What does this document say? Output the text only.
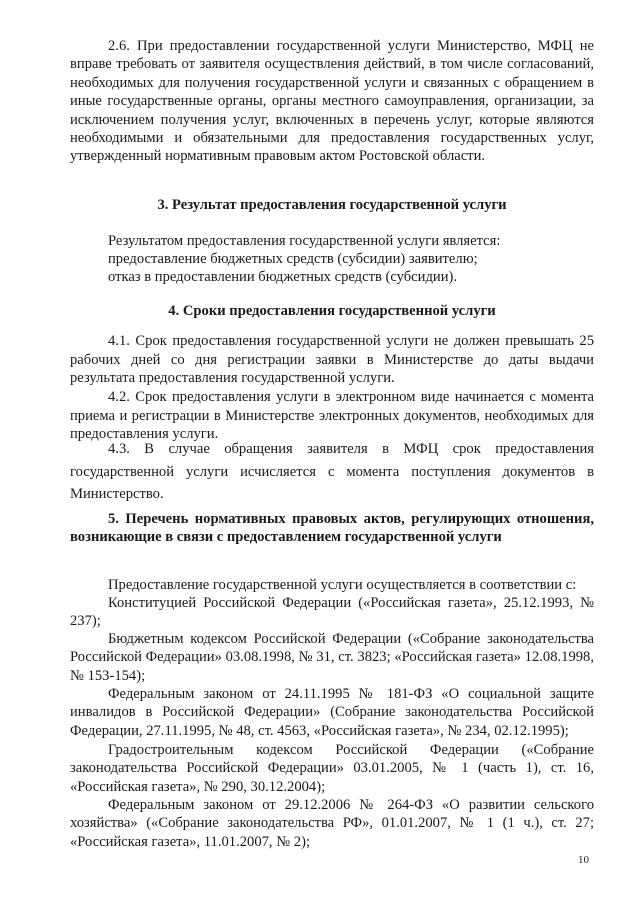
2.6. При предоставлении государственной услуги Министерство, МФЦ не вправе требовать от заявителя осуществления действий, в том числе согласований, необходимых для получения государственной услуги и связанных с обращением в иные государственные органы, органы местного самоуправления, организации, за исключением получения услуг, включенных в перечень услуг, которые являются необходимыми и обязательными для предоставления государственных услуг, утвержденный нормативным правовым актом Ростовской области.

3. Результат предоставления государственной услуги

Результатом предоставления государственной услуги является:

предоставление бюджетных средств (субсидии) заявителю;

отказ в предоставлении бюджетных средств (субсидии).

4. Сроки предоставления государственной услуги

4.1. Срок предоставления государственной услуги не должен превышать 25 рабочих дней со дня регистрации заявки в Министерстве до даты выдачи результата предоставления государственной услуги.

4.2. Срок предоставления услуги в электронном виде начинается с момента приема и регистрации в Министерстве электронных документов, необходимых для предоставления услуги.

4.3. В случае обращения заявителя в МФЦ срок предоставления государственной услуги исчисляется с момента поступления документов в Министерство.

5. Перечень нормативных правовых актов, регулирующих отношения, возникающие в связи с предоставлением государственной услуги

Предоставление государственной услуги осуществляется в соответствии с:

Конституцией Российской Федерации («Российская газета», 25.12.1993, № 237);

Бюджетным кодексом Российской Федерации («Собрание законодательства Российской Федерации» 03.08.1998, № 31, ст. 3823; «Российская газета» 12.08.1998, № 153-154);

Федеральным законом от 24.11.1995 № 181-ФЗ «О социальной защите инвалидов в Российской Федерации» (Собрание законодательства Российской Федерации, 27.11.1995, № 48, ст. 4563, «Российская газета», № 234, 02.12.1995);

Градостроительным кодексом Российской Федерации («Собрание законодательства Российской Федерации» 03.01.2005, № 1 (часть 1), ст. 16, «Российская газета», № 290, 30.12.2004);

Федеральным законом от 29.12.2006 № 264-ФЗ «О развитии сельского хозяйства» («Собрание законодательства РФ», 01.01.2007, № 1 (1 ч.), ст. 27; «Российская газета», 11.01.2007, № 2);

10
